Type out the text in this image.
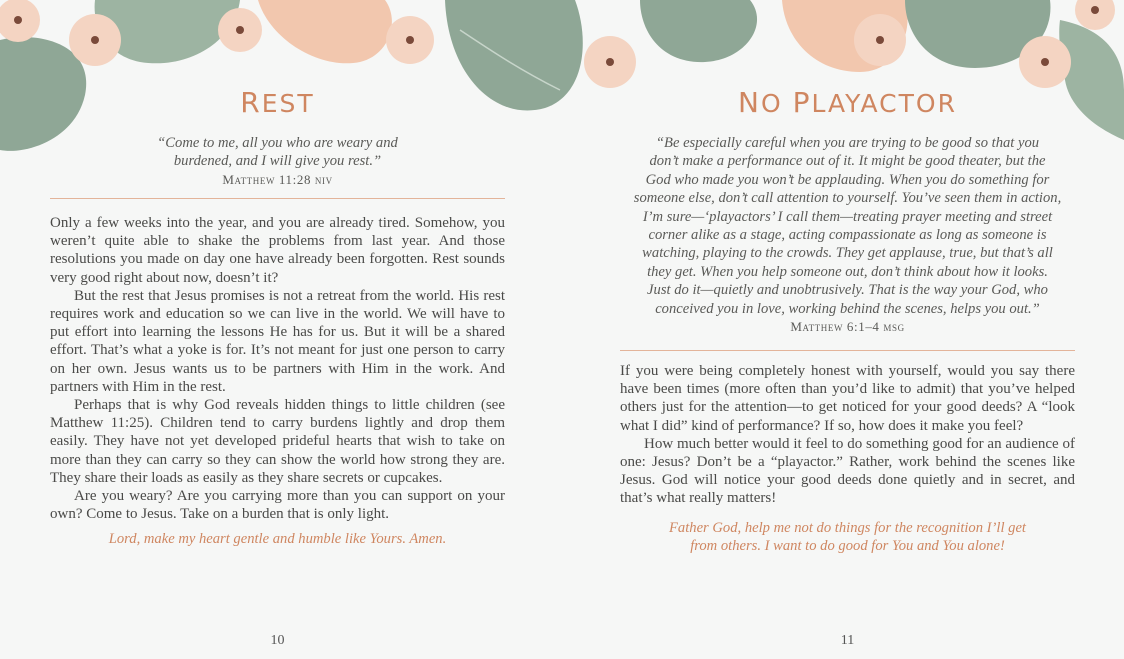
REST
“Come to me, all you who are weary and
burdened, and I will give you rest.”
Matthew 11:28 niv

Only a few weeks into the year, and you are already tired. Somehow, you weren’t quite able to shake the problems from last year. And those resolutions you made on day one have already been forgotten. Rest sounds very good right about now, doesn’t it?

But the rest that Jesus promises is not a retreat from the world. His rest requires work and education so we can live in the world. We will have to put effort into learning the lessons He has for us. But it will be a shared effort. That’s what a yoke is for. It’s not meant for just one person to carry on her own. Jesus wants us to be partners with Him in the work. And partners with Him in the rest.

Perhaps that is why God reveals hidden things to little children (see Matthew 11:25). Children tend to carry burdens lightly and drop them easily. They have not yet developed prideful hearts that wish to take on more than they can carry so they can show the world how strong they are. They share their loads as easily as they share secrets or cupcakes.

Are you weary? Are you carrying more than you can support on your own? Come to Jesus. Take on a burden that is only light.

Lord, make my heart gentle and humble like Yours. Amen.
10
NO PLAYACTOR
“Be especially careful when you are trying to be good so that you
don’t make a performance out of it. It might be good theater, but the
God who made you won’t be applauding. When you do something for
someone else, don’t call attention to yourself. You’ve seen them in action,
I’m sure—‘playactors’ I call them—treating prayer meeting and street
corner alike as a stage, acting compassionate as long as someone is
watching, playing to the crowds. They get applause, true, but that’s all
they get. When you help someone out, don’t think about how it looks.
Just do it—quietly and unobtrusively. That is the way your God, who
conceived you in love, working behind the scenes, helps you out.”
Matthew 6:1–4 msg

If you were being completely honest with yourself, would you say there have been times (more often than you’d like to admit) that you’ve helped others just for the attention—to get noticed for your good deeds? A “look what I did” kind of performance? If so, how does it make you feel?

How much better would it feel to do something good for an audience of one: Jesus? Don’t be a “playactor.” Rather, work behind the scenes like Jesus. God will notice your good deeds done quietly and in secret, and that’s what really matters!

Father God, help me not do things for the recognition I’ll get
from others. I want to do good for You and You alone!
11
